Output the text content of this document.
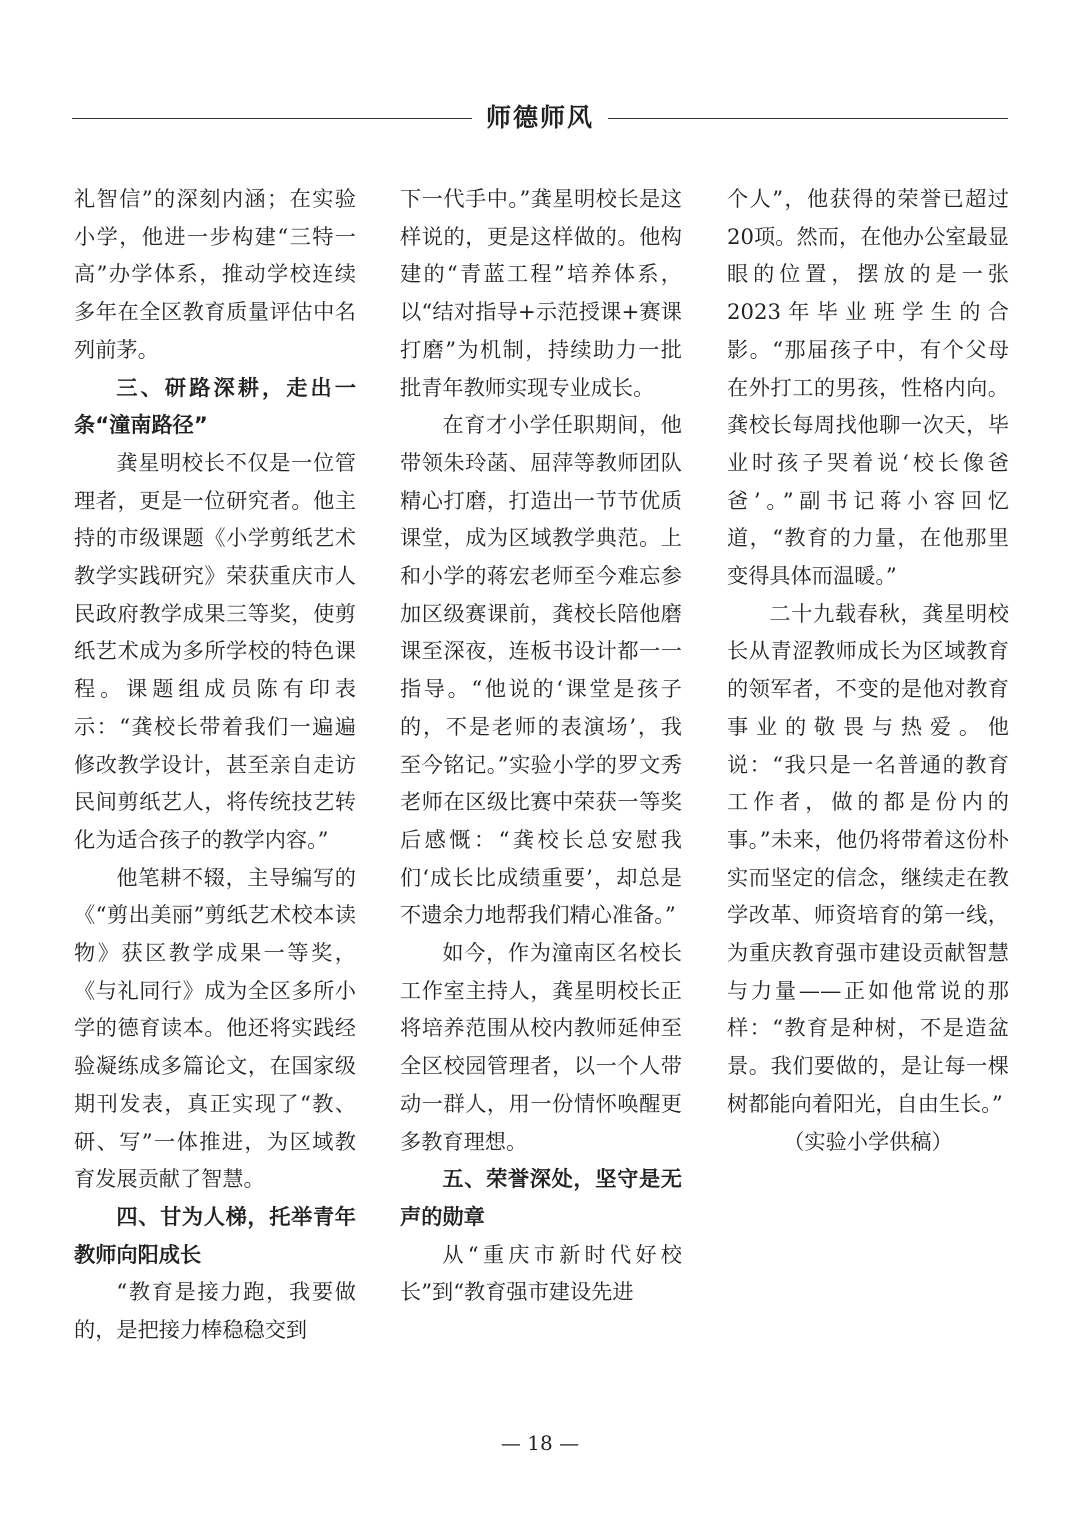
师德师风

礼智信”的深刻内涵；在实验小学，他进一步构建“三特一高”办学体系，推动学校连续多年在全区教育质量评估中名列前茅。

三、研路深耕，走出一条“潼南路径”

龚星明校长不仅是一位管理者，更是一位研究者。他主持的市级课题《小学剪纸艺术教学实践研究》荣获重庆市人民政府教学成果三等奖，使剪纸艺术成为多所学校的特色课程。课题组成员陈有印表示：“龚校长带着我们一遍遍修改教学设计，甚至亲自走访民间剪纸艺人，将传统技艺转化为适合孩子的教学内容。”

他笔耕不辍，主导编写的《“剪出美丽”剪纸艺术校本读物》获区教学成果一等奖，《与礼同行》成为全区多所小学的德育读本。他还将实践经验凝练成多篇论文，在国家级期刊发表，真正实现了“教、研、写”一体推进，为区域教育发展贡献了智慧。

四、甘为人梯，托举青年教师向阳成长

“教育是接力跑，我要做的，是把接力棒稳稳交到

下一代手中。”龚星明校长是这样说的，更是这样做的。他构建的“青蓝工程”培养体系，以“结对指导+示范授课+赛课打磨”为机制，持续助力一批批青年教师实现专业成长。

在育才小学任职期间，他带领朱玲菡、屈萍等教师团队精心打磨，打造出一节节优质课堂，成为区域教学典范。上和小学的蒋宏老师至今难忘参加区级赛课前，龚校长陪他磨课至深夜，连板书设计都一一指导。“他说的‘课堂是孩子的，不是老师的表演场’，我至今铭记。”实验小学的罗文秀老师在区级比赛中荣获一等奖后感慨：“龚校长总安慰我们‘成长比成绩重要’，却总是不遗余力地帮我们精心准备。”

如今，作为潼南区名校长工作室主持人，龚星明校长正将培养范围从校内教师延伸至全区校园管理者，以一个人带动一群人，用一份情怀唤醒更多教育理想。

五、荣誉深处，坚守是无声的勋章

从“重庆市新时代好校长”到“教育强市建设先进

个人”，他获得的荣誉已超过20项。然而，在他办公室最显眼的位置，摆放的是一张2023年毕业班学生的合影。“那届孩子中，有个父母在外打工的男孩，性格内向。龚校长每周找他聊一次天，毕业时孩子哭着说‘校长像爸爸’。”副书记蒋小容回忆道，“教育的力量，在他那里变得具体而温暖。”

二十九载春秋，龚星明校长从青涩教师成长为区域教育的领军者，不变的是他对教育事业的敬畏与热爱。他说：“我只是一名普通的教育工作者，做的都是份内的事。”未来，他仍将带着这份朴实而坚定的信念，继续走在教学改革、师资培育的第一线，为重庆教育强市建设贡献智慧与力量——正如他常说的那样：“教育是种树，不是造盆景。我们要做的，是让每一棵树都能向着阳光，自由生长。”

（实验小学供稿）

— 18 —
